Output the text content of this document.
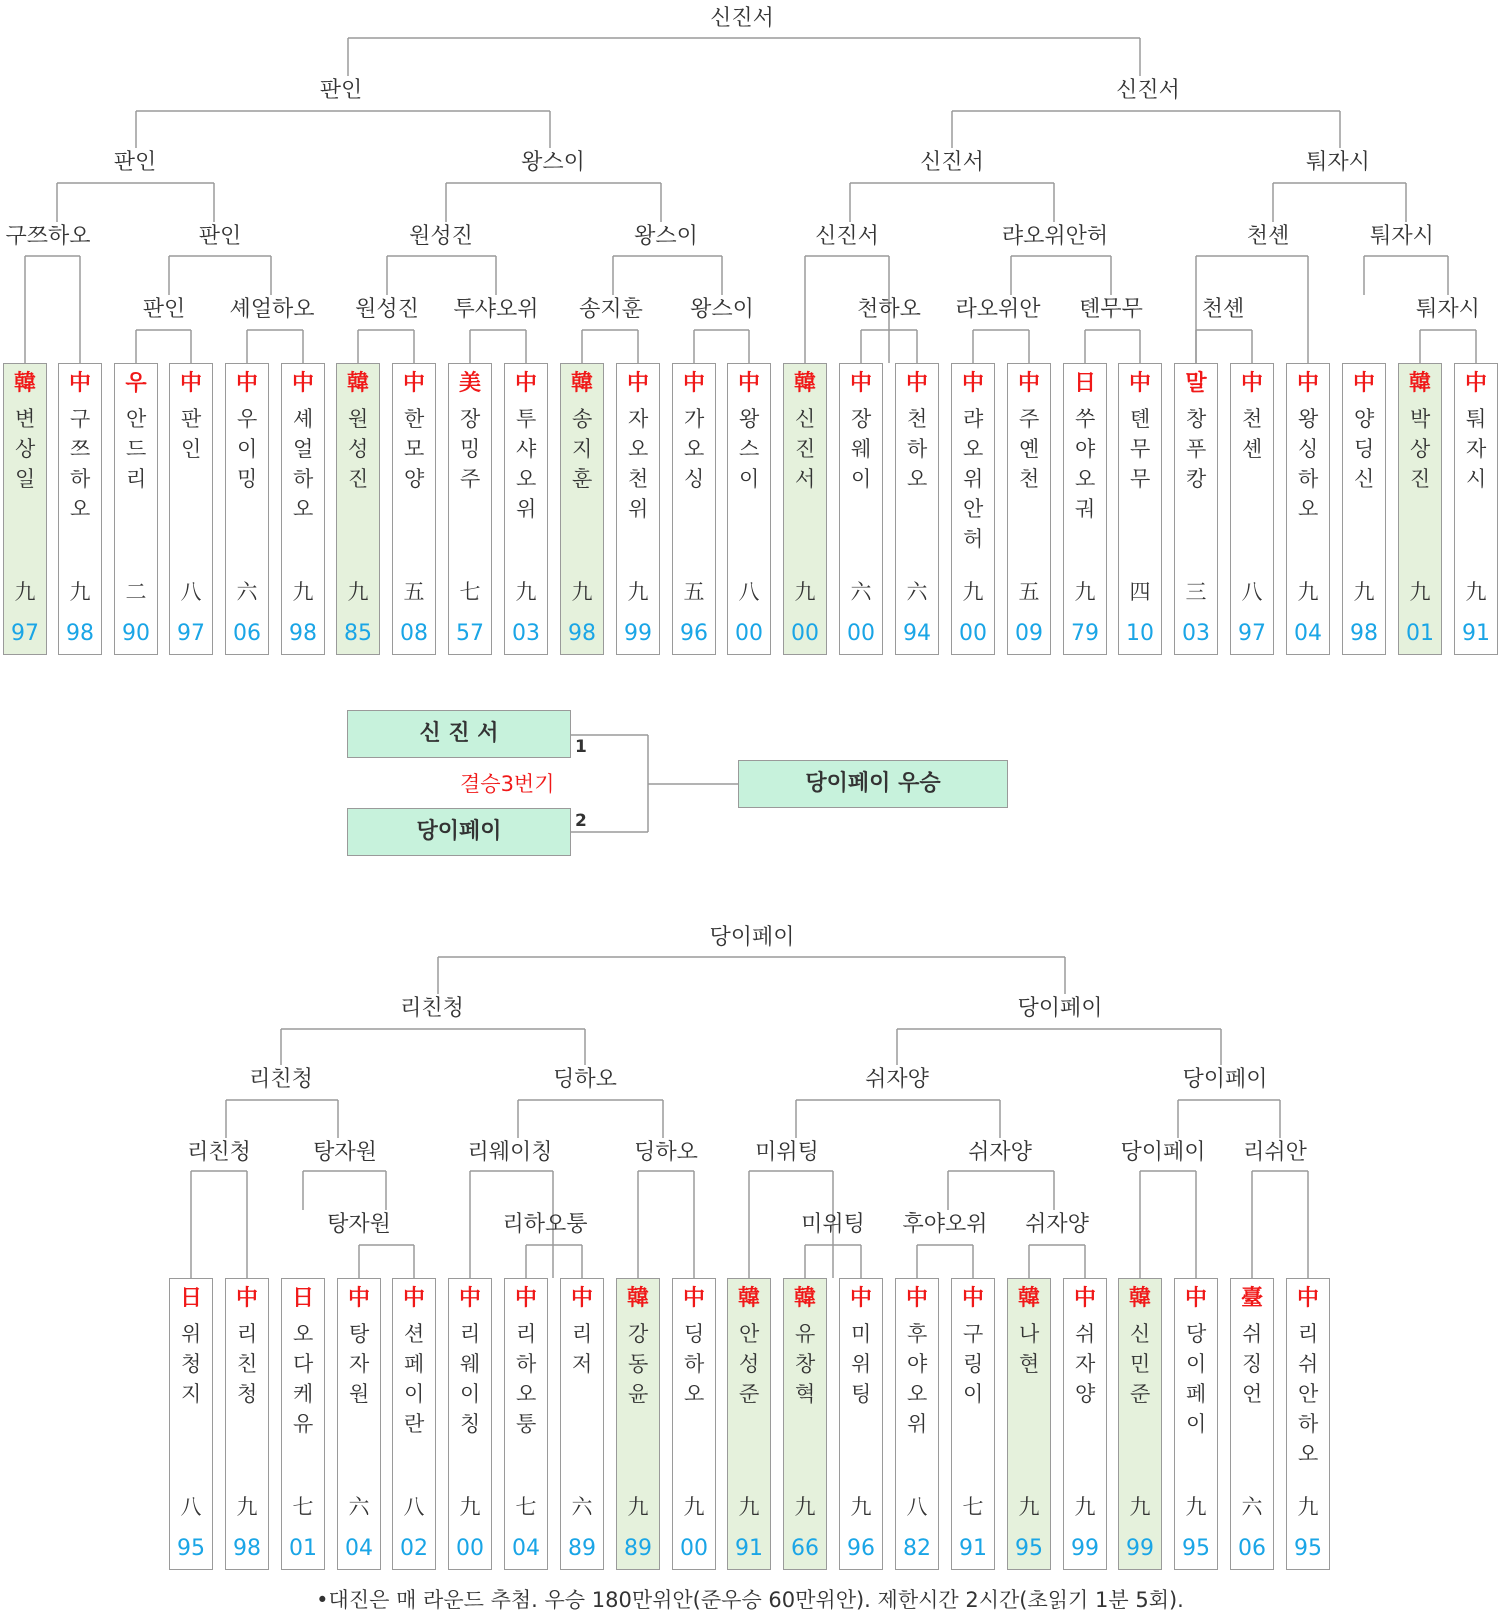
신 진 서
1
결승3번기
당이페이	2
당이페이 우승
•대진은 매 라운드 추첨. 우승 180만위안(준우승 60만위안). 제한시간 2시간(초읽기 1분 5회).
韓
변상일
九
97
中
구쯔하오
九
98
우
안드리
二
90
中
판인
八
97
中
우이밍
六
06
中
셰얼하오
九
98
韓
원성진
九
85
中
한모양
五
08
美
장밍주
七
57
中
투샤오위
九
03
韓
송지훈
九
98
中
자오천위
九
99
中
가오싱
五
96
中
왕스이
八
00
韓
신진서
九
00
中
장웨이
六
00
中
천하오
六
94
中
랴오위안허
九
00
中
주옌천
五
09
日
쑤야오궈
九
79
中
톈무무
四
10
말
창푸캉
三
03
中
천셴
八
97
中
왕싱하오
九
04
中
양딩신
九
98
韓
박상진
九
01
中
퉈자시
九
91
판인 셰얼하오 원성진 투샤오위 송지훈 왕스이	천하오 라오위안 톈무무	천셴	퉈자시
구쯔하오	판인	원성진	왕스이	신진서	랴오위안허	천셴	퉈자시
판인	왕스이	신진서	퉈자시
판인	신진서
신진서
日
위청지
八
95
中
리친청
九
98
日
오다케유
七
01
中
탕자원
六
04
中
션페이란
八
02
中
리웨이칭
九
00
中
리하오퉁
七
04
中
리저
六
89
韓
강동윤
九
89
中
딩하오
九
00
韓
안성준
九
91
韓
유창혁
九
66
中
미위팅
九
96
中
후야오위
八
82
中
구링이
七
91
韓
나현
九
95
中
쉬자양
九
99
韓
신민준
九
99
中
당이페이
九
95
臺
쉬징언
六
06
中
리쉬안하오
九
95
탕자원	리하오퉁	미위팅 후야오위 쉬자양
리친청	탕자원	리웨이칭	딩하오	미위팅	쉬자양	당이페이 리쉬안
리친청	딩하오	쉬자양	당이페이
리친청	당이페이
당이페이
